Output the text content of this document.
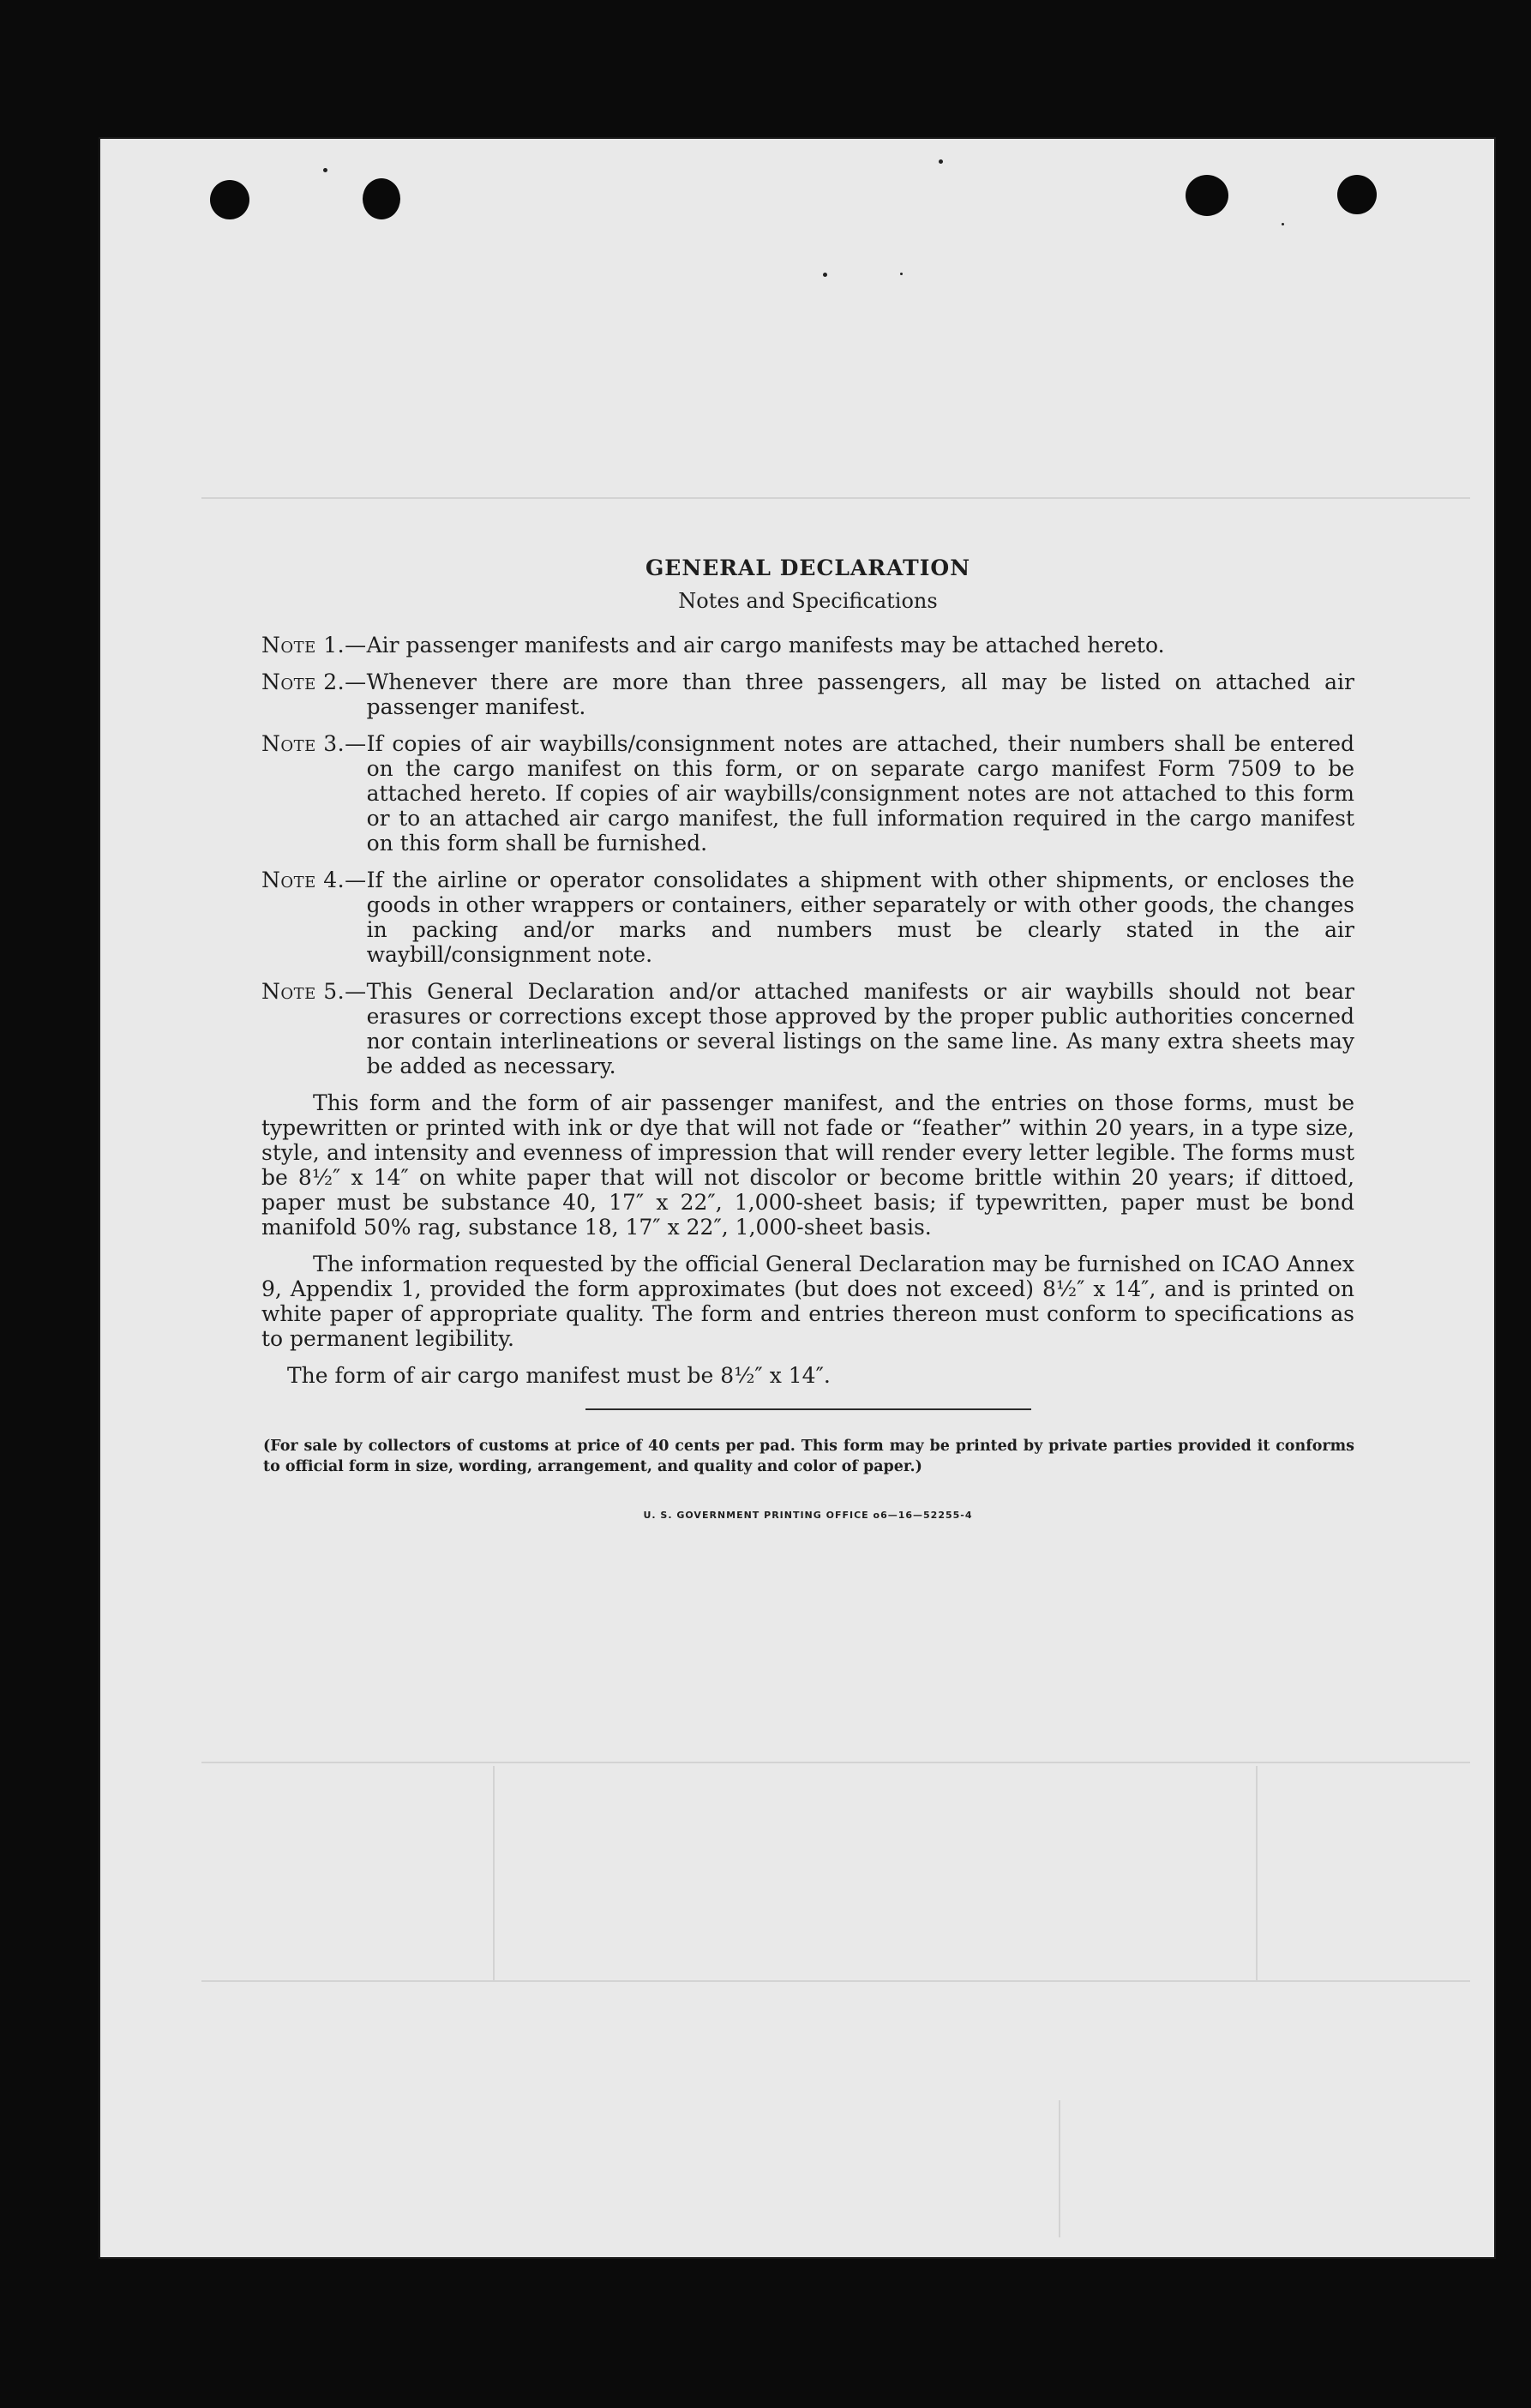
GENERAL DECLARATION
Notes and Specifications
Note 1.— Air passenger manifests and air cargo manifests may be attached hereto.
Note 2.— Whenever there are more than three passengers, all may be listed on attached air passenger manifest.
Note 3.— If copies of air waybills/consignment notes are attached, their numbers shall be entered on the cargo manifest on this form, or on separate cargo manifest Form 7509 to be attached hereto. If copies of air waybills/consignment notes are not attached to this form or to an attached air cargo manifest, the full information required in the cargo manifest on this form shall be furnished.
Note 4.— If the airline or operator consolidates a shipment with other shipments, or encloses the goods in other wrappers or containers, either separately or with other goods, the changes in packing and/or marks and numbers must be clearly stated in the air waybill/consignment note.
Note 5.— This General Declaration and/or attached manifests or air waybills should not bear erasures or corrections except those approved by the proper public authorities concerned nor contain interlineations or several listings on the same line. As many extra sheets may be added as necessary.
This form and the form of air passenger manifest, and the entries on those forms, must be typewritten or printed with ink or dye that will not fade or “feather” within 20 years, in a type size, style, and intensity and evenness of impression that will render every letter legible. The forms must be 8½″ x 14″ on white paper that will not discolor or become brittle within 20 years; if dittoed, paper must be substance 40, 17″ x 22″, 1,000-sheet basis; if typewritten, paper must be bond manifold 50% rag, substance 18, 17″ x 22″, 1,000-sheet basis.
The information requested by the official General Declaration may be furnished on ICAO Annex 9, Appendix 1, provided the form approximates (but does not exceed) 8½″ x 14″, and is printed on white paper of appropriate quality. The form and entries thereon must conform to specifications as to permanent legibility.
The form of air cargo manifest must be 8½″ x 14″.
(For sale by collectors of customs at price of 40 cents per pad. This form may be printed by private parties provided it conforms to official form in size, wording, arrangement, and quality and color of paper.)
U. S. GOVERNMENT PRINTING OFFICE o6—16—52255-4
